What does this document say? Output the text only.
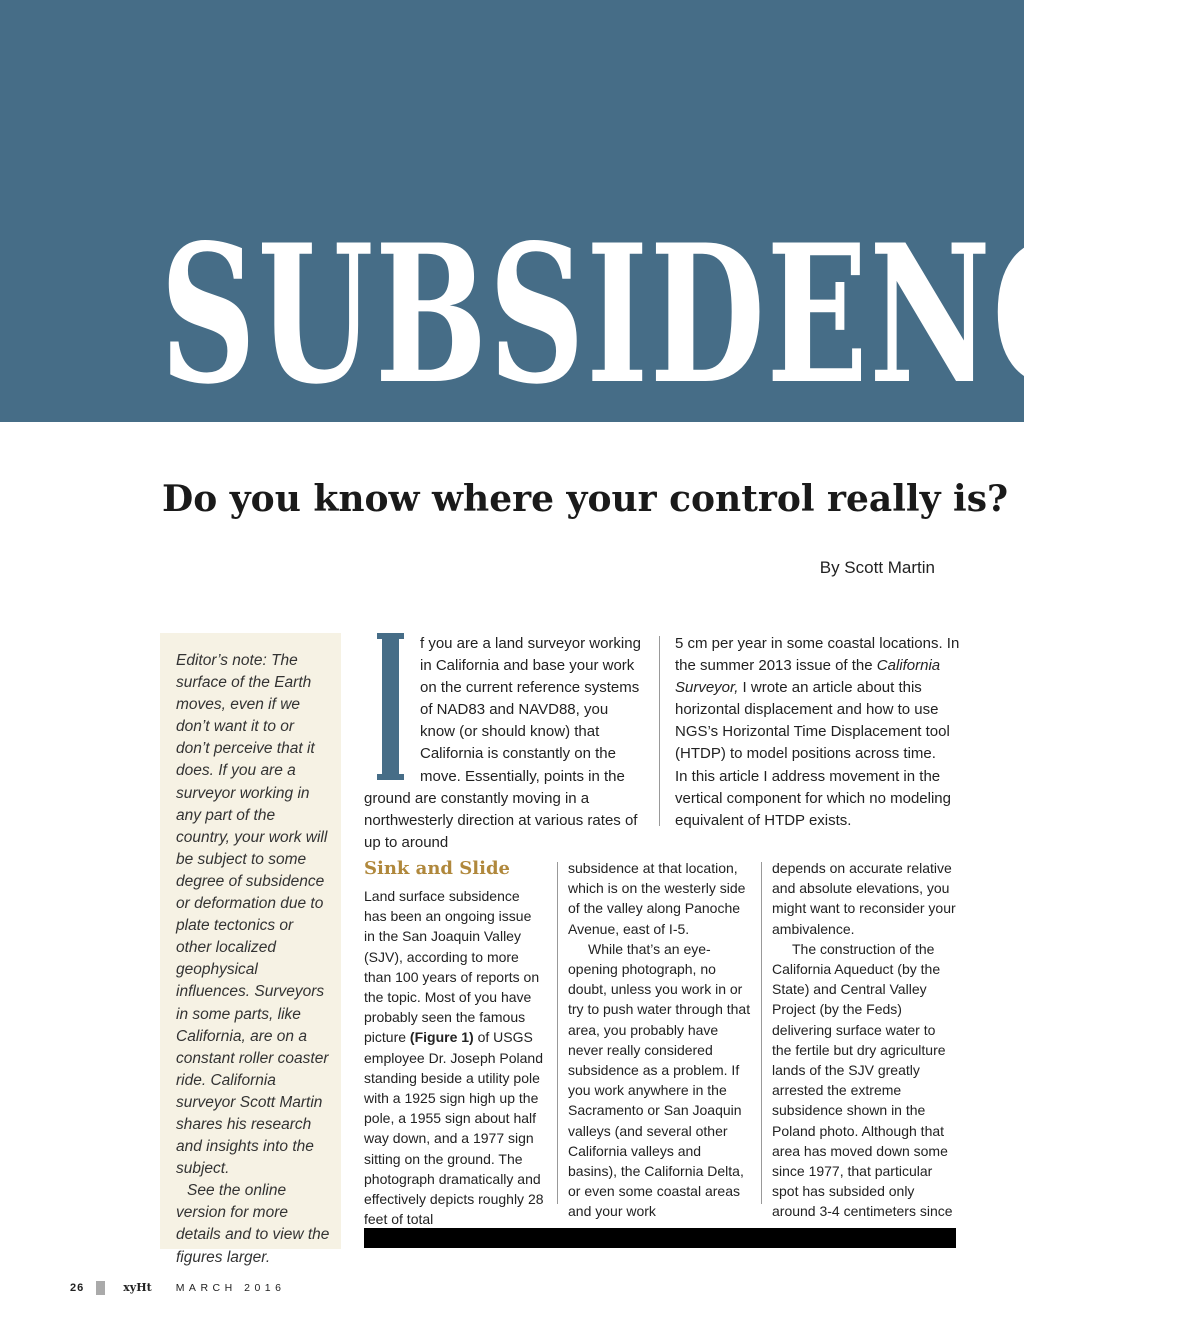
SUBSIDENCE
Do you know where your control really is?
By Scott Martin

Editor’s note: The surface of the Earth moves, even if we don’t want it to or don’t perceive that it does. If you are a surveyor working in any part of the country, your work will be subject to some degree of subsidence or deformation due to plate tectonics or other localized geophysical influences. Surveyors in some parts, like California, are on a constant roller coaster ride. California surveyor Scott Martin shares his research and insights into the subject.

See the online version for more details and to view the figures larger.

f you are a land surveyor working in California and base your work on the current reference systems of NAD83 and NAVD88, you know (or should know) that California is constantly on the move. Essentially, points in the ground are constantly moving in a northwesterly direction at various rates of up to around

5 cm per year in some coastal locations. In the summer 2013 issue of the California Surveyor, I wrote an article about this horizontal displacement and how to use NGS’s Horizontal Time Displacement tool (HTDP) to model positions across time.

In this article I address movement in the vertical component for which no modeling equivalent of HTDP exists.

Sink and Slide

Land surface subsidence has been an ongoing issue in the San Joaquin Valley (SJV), according to more than 100 years of reports on the topic. Most of you have probably seen the famous picture (Figure 1) of USGS employee Dr. Joseph Poland standing beside a utility pole with a 1925 sign high up the pole, a 1955 sign about half way down, and a 1977 sign sitting on the ground. The photograph dramatically and effectively depicts roughly 28 feet of total

subsidence at that location, which is on the westerly side of the valley along Panoche Avenue, east of I-5.

While that’s an eye-opening photograph, no doubt, unless you work in or try to push water through that area, you probably have never really considered subsidence as a problem. If you work anywhere in the Sacramento or San Joaquin valleys (and several other California valleys and basins), the California Delta, or even some coastal areas and your work

depends on accurate relative and absolute elevations, you might want to reconsider your ambivalence.

The construction of the California Aqueduct (by the State) and Central Valley Project (by the Feds) delivering surface water to the fertile but dry agriculture lands of the SJV greatly arrested the extreme subsidence shown in the Poland photo. Although that area has moved down some since 1977, that particular spot has subsided only around 3-4 centimeters since

26	xyHt MARCH 2016
